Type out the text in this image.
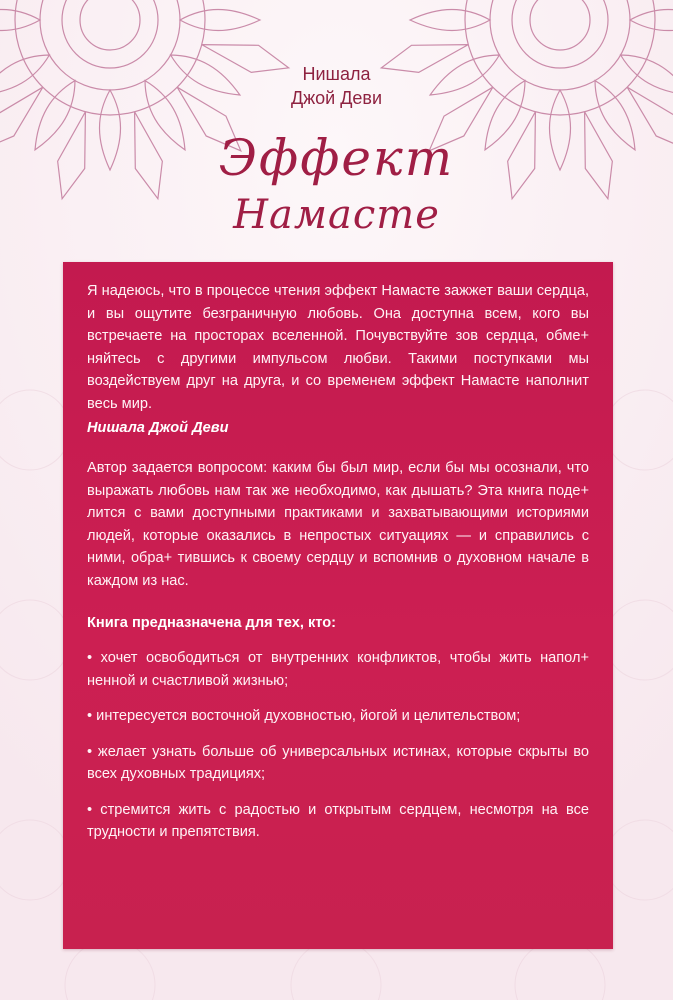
Нишала
Джой Деви
Эффект
Намасте

Я надеюсь, что в процессе чтения эффект Намасте зажжет ваши сердца, и вы ощутите безграничную любовь. Она доступна всем, кого вы встречаете на просторах вселенной. Почувствуйте зов сердца, обме+ няйтесь с другими импульсом любви. Такими поступками мы воздействуем друг на друга, и со временем эффект Намасте наполнит весь мир.

Нишала Джой Деви

Автор задается вопросом: каким бы был мир, если бы мы осознали, что выражать любовь нам так же необходимо, как дышать? Эта книга поде+ лится с вами доступными практиками и захватывающими историями людей, которые оказались в непростых ситуациях — и справились с ними, обра+ тившись к своему сердцу и вспомнив о духовном начале в каждом из нас.

Книга предназначена для тех, кто:

• хочет освободиться от внутренних конфликтов, чтобы жить напол+ ненной и счастливой жизнью;

• интересуется восточной духовностью, йогой и целительством;

• желает узнать больше об универсальных истинах, которые скрыты во всех духовных традициях;

• стремится жить с радостью и открытым сердцем, несмотря на все трудности и препятствия.
